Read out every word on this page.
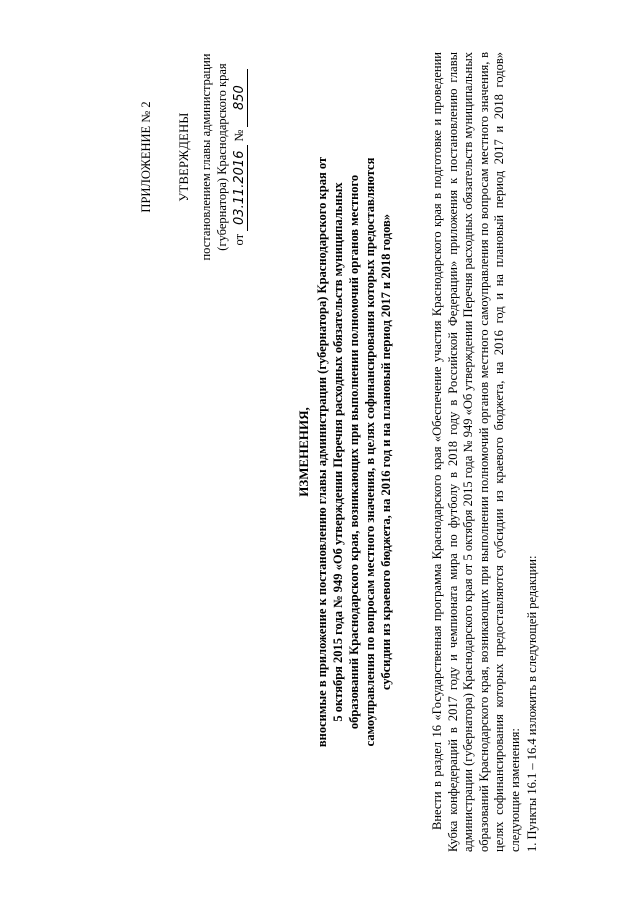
ПРИЛОЖЕНИЕ № 2 УТВЕРЖДЕНЫ постановлением главы администрации (губернатора) Краснодарского края от 03.11.2016 № 850
ИЗМЕНЕНИЯ, вносимые в приложение к постановлению главы администрации (губернатора) Краснодарского края от 5 октября 2015 года № 949 «Об утверждении Перечня расходных обязательств муниципальных образований Краснодарского края, возникающих при выполнении полномочий органов местного самоуправления по вопросам местного значения, в целях софинансирования которых предоставляются субсидии из краевого бюджета, на 2016 год и на плановый период 2017 и 2018 годов»	Внести в раздел 16 «Государственная программа Краснодарского края «Обеспечение участия Краснодарского края в подготовке и проведении Кубка конфедераций в 2017 году и чемпионата мира по футболу в 2018 году в Российской Федерации» приложения к постановлению главы администрации (губернатора) Краснодарского края от 5 октября 2015 года № 949 «Об утверждении Перечня расходных обязательств муниципальных образований Краснодарского края, возникающих при выполнении полномочий органов местного самоуправления по вопросам местного значения, в целях софинансирования которых предоставляются субсидии из краевого бюджета, на 2016 год и на плановый период 2017 и 2018 годов» следующие изменения: 1. Пункты 16.1 – 16.4 изложить в следующей редакции:
